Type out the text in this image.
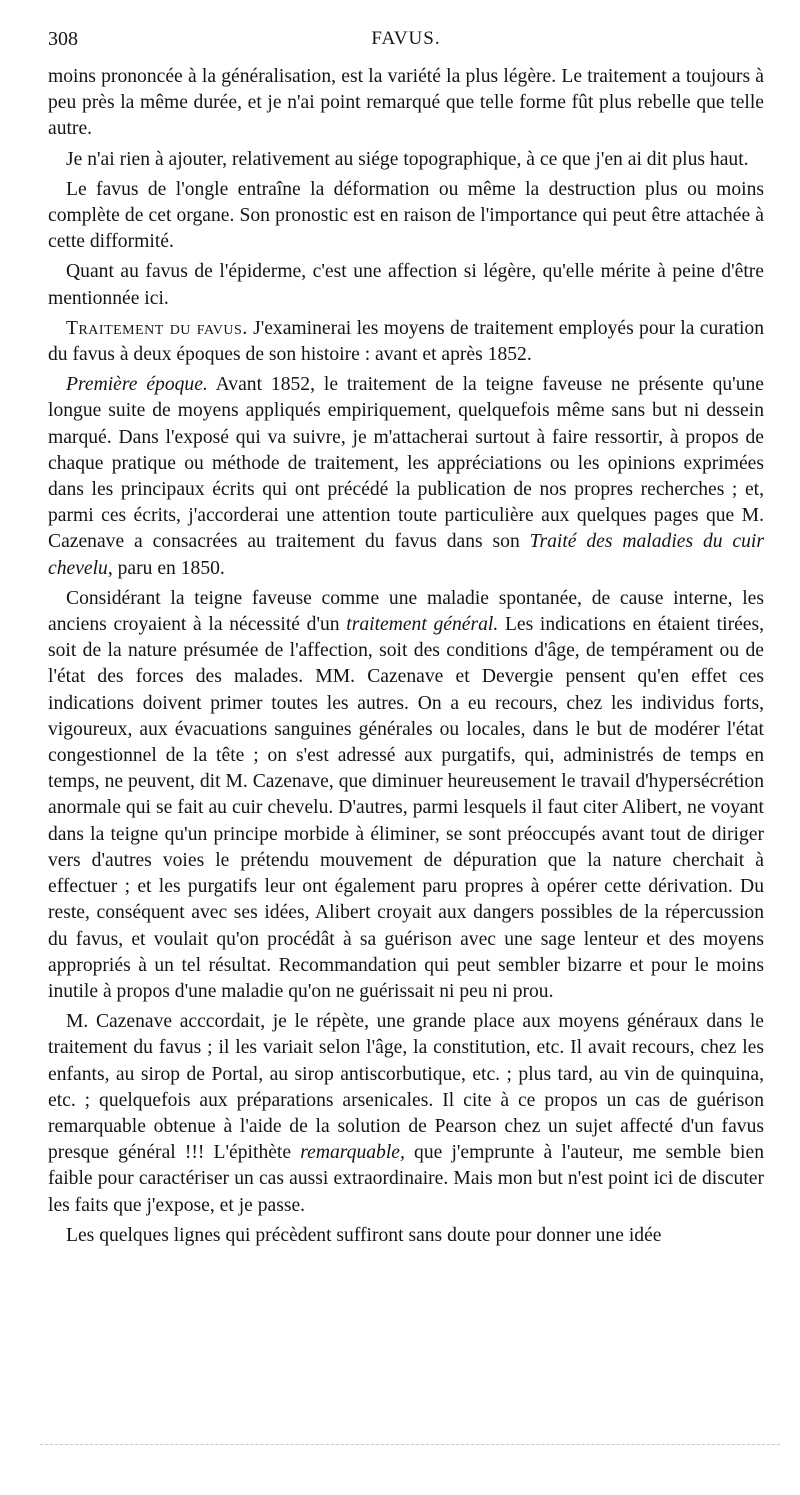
308	FAVUS.

moins prononcée à la généralisation, est la variété la plus légère. Le traitement a toujours à peu près la même durée, et je n'ai point remarqué que telle forme fût plus rebelle que telle autre.

Je n'ai rien à ajouter, relativement au siége topographique, à ce que j'en ai dit plus haut.

Le favus de l'ongle entraîne la déformation ou même la destruction plus ou moins complète de cet organe. Son pronostic est en raison de l'importance qui peut être attachée à cette difformité.

Quant au favus de l'épiderme, c'est une affection si légère, qu'elle mérite à peine d'être mentionnée ici.

Traitement du favus. J'examinerai les moyens de traitement employés pour la curation du favus à deux époques de son histoire : avant et après 1852.

Première époque. Avant 1852, le traitement de la teigne faveuse ne présente qu'une longue suite de moyens appliqués empiriquement, quelquefois même sans but ni dessein marqué. Dans l'exposé qui va suivre, je m'attacherai surtout à faire ressortir, à propos de chaque pratique ou méthode de traitement, les appréciations ou les opinions exprimées dans les principaux écrits qui ont précédé la publication de nos propres recherches ; et, parmi ces écrits, j'accorderai une attention toute particulière aux quelques pages que M. Cazenave a consacrées au traitement du favus dans son Traité des maladies du cuir chevelu, paru en 1850.

Considérant la teigne faveuse comme une maladie spontanée, de cause interne, les anciens croyaient à la nécessité d'un traitement général. Les indications en étaient tirées, soit de la nature présumée de l'affection, soit des conditions d'âge, de tempérament ou de l'état des forces des malades. MM. Cazenave et Devergie pensent qu'en effet ces indications doivent primer toutes les autres. On a eu recours, chez les individus forts, vigoureux, aux évacuations sanguines générales ou locales, dans le but de modérer l'état congestionnel de la tête ; on s'est adressé aux purgatifs, qui, administrés de temps en temps, ne peuvent, dit M. Cazenave, que diminuer heureusement le travail d'hypersécrétion anormale qui se fait au cuir chevelu. D'autres, parmi lesquels il faut citer Alibert, ne voyant dans la teigne qu'un principe morbide à éliminer, se sont préoccupés avant tout de diriger vers d'autres voies le prétendu mouvement de dépuration que la nature cherchait à effectuer ; et les purgatifs leur ont également paru propres à opérer cette dérivation. Du reste, conséquent avec ses idées, Alibert croyait aux dangers possibles de la répercussion du favus, et voulait qu'on procédât à sa guérison avec une sage lenteur et des moyens appropriés à un tel résultat. Recommandation qui peut sembler bizarre et pour le moins inutile à propos d'une maladie qu'on ne guérissait ni peu ni prou.

M. Cazenave acccordait, je le répète, une grande place aux moyens généraux dans le traitement du favus ; il les variait selon l'âge, la constitution, etc. Il avait recours, chez les enfants, au sirop de Portal, au sirop antiscorbutique, etc. ; plus tard, au vin de quinquina, etc. ; quelquefois aux préparations arsenicales. Il cite à ce propos un cas de guérison remarquable obtenue à l'aide de la solution de Pearson chez un sujet affecté d'un favus presque général !!! L'épithète remarquable, que j'emprunte à l'auteur, me semble bien faible pour caractériser un cas aussi extraordinaire. Mais mon but n'est point ici de discuter les faits que j'expose, et je passe.

Les quelques lignes qui précèdent suffiront sans doute pour donner une idée
